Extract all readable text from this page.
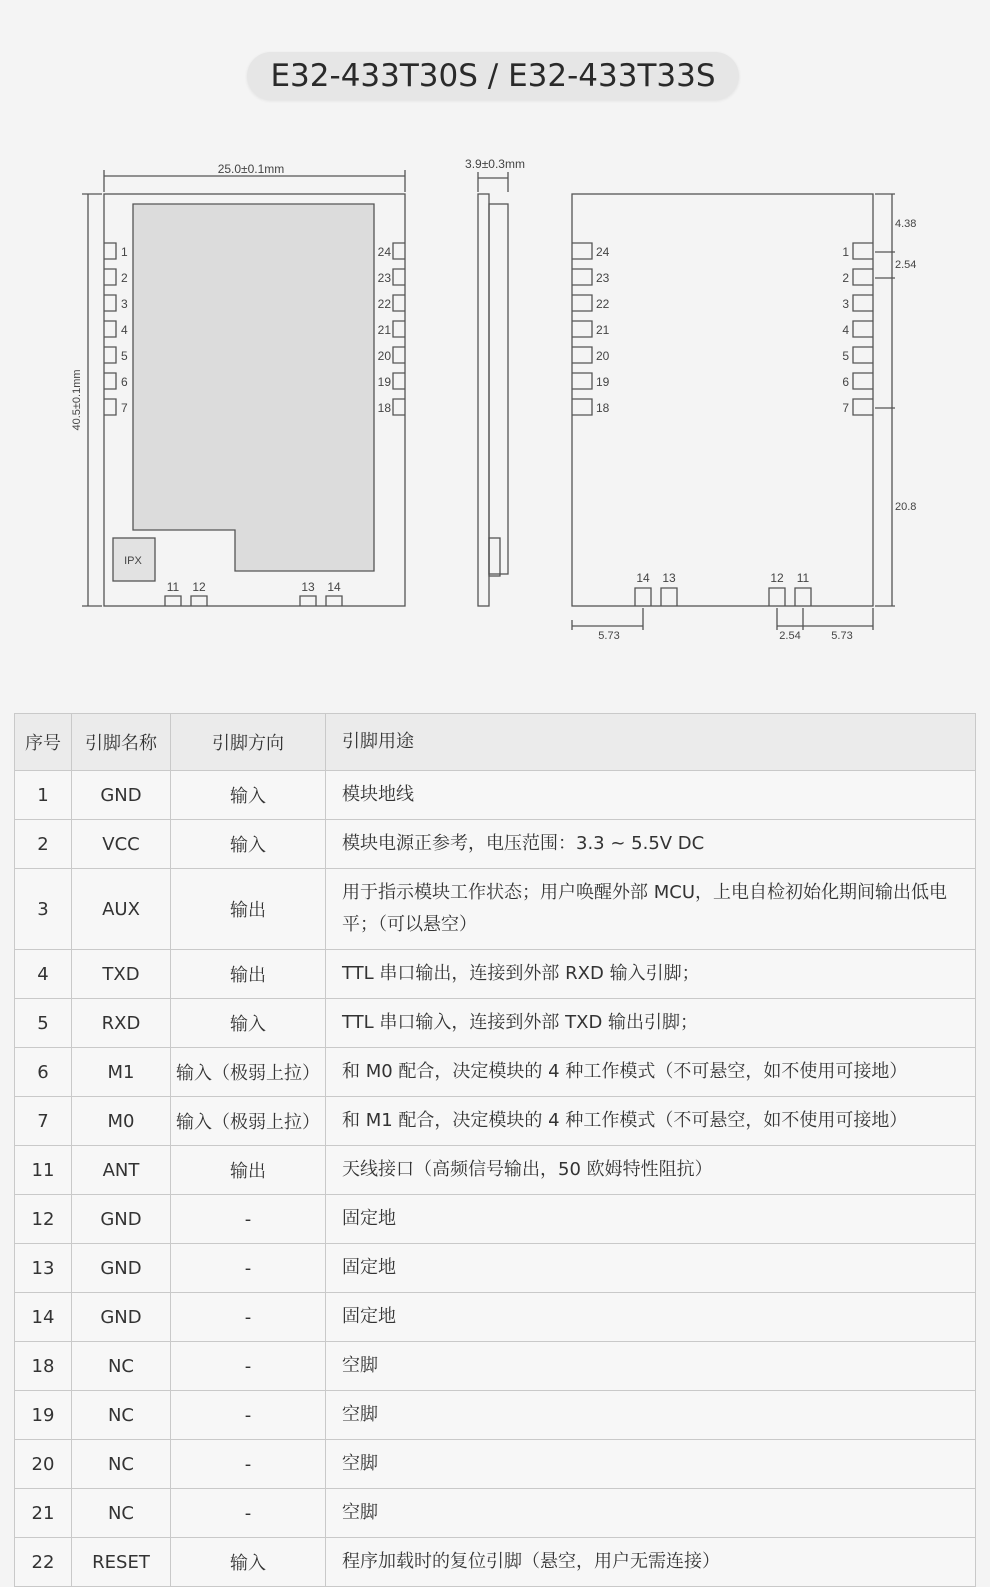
E32-433T30S / E32-433T33S
25.0±0.1mm
40.5±0.1mm
IPX
3.9±0.3mm
1
2
3
4
5
6
7
24
23
22
21
20
19
18
11 12	13 14
24
23
22
21
20
19
18
1
2
3
4
5
6
7
14 13	12 11
4.38
2.54
20.8
5.73	2.54	5.73
序号	引脚名称	引脚方向	引脚用途
1	GND	输入	模块地线
2	VCC	输入	模块电源正参考，电压范围：3.3 ~ 5.5V DC
3	AUX	输出	用于指示模块工作状态；用户唤醒外部 MCU，上电自检初始化期间输出低电平；（可以悬空）
4	TXD	输出	TTL 串口输出，连接到外部 RXD 输入引脚；
5	RXD	输入	TTL 串口输入，连接到外部 TXD 输出引脚；
6	M1	输入（极弱上拉）	和 M0 配合，决定模块的 4 种工作模式（不可悬空，如不使用可接地）
7	M0	输入（极弱上拉）	和 M1 配合，决定模块的 4 种工作模式（不可悬空，如不使用可接地）
11	ANT	输出	天线接口（高频信号输出，50 欧姆特性阻抗）
12	GND	-	固定地
13	GND	-	固定地
14	GND	-	固定地
18	NC	-	空脚
19	NC	-	空脚
20	NC	-	空脚
21	NC	-	空脚
22	RESET	输入	程序加载时的复位引脚（悬空，用户无需连接）
